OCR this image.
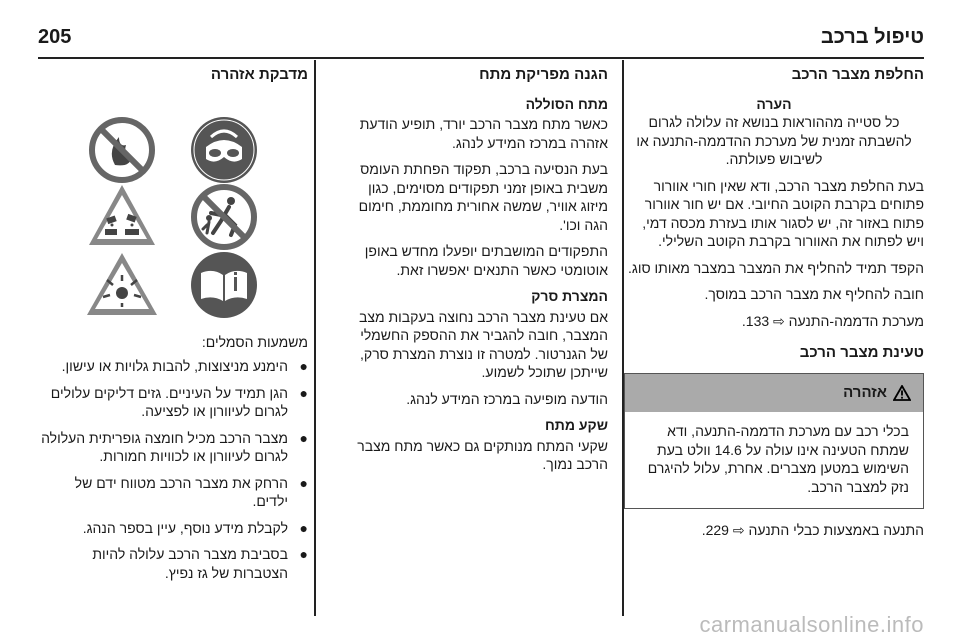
205	טיפול ברכב
החלפת מצבר הרכב
הערה
כל סטייה מההוראות בנושא זה עלולה לגרום להשבתה זמנית של מערכת ההדממה-התנעה או לשיבוש פעולתה.

בעת החלפת מצבר הרכב, ודא שאין חורי אוורור פתוחים בקרבת הקוטב החיובי. אם יש חור אוורור פתוח באזור זה, יש לסגור אותו בעזרת מכסה דמי, ויש לפתוח את האוורור בקרבת הקוטב השלילי.

הקפד תמיד להחליף את המצבר במצבר מאותו סוג.

חובה להחליף את מצבר הרכב במוסך.

מערכת הדממה-התנעה ⇨ 133.

טעינת מצבר הרכב
אזהרה
בכלי רכב עם מערכת הדממה-התנעה, ודא שמתח הטעינה אינו עולה על 14.6 וולט בעת השימוש במטען מצברים. אחרת, עלול להיגרם נזק למצבר הרכב.

התנעה באמצעות כבלי התנעה ⇨ 229.

הגנה מפריקת מתח
מתח הסוללה

כאשר מתח מצבר הרכב יורד, תופיע הודעת אזהרה במרכז המידע לנהג.

בעת הנסיעה ברכב, תפקוד הפחתת העומס משבית באופן זמני תפקודים מסוימים, כגון מיזוג אוויר, שמשה אחורית מחוממת, חימום הגה וכו'.

התפקודים המושבתים יופעלו מחדש באופן אוטומטי כאשר התנאים יאפשרו זאת.

המצרת סרק

אם טעינת מצבר הרכב נחוצה בעקבות מצב המצבר, חובה להגביר את ההספק החשמלי של הגנרטור. למטרה זו נוצרת המצרת סרק, שייתכן שתוכל לשמוע.

הודעה מופיעה במרכז המידע לנהג.

שקע מתח

שקעי המתח מנותקים גם כאשר מתח מצבר הרכב נמוך.

מדבקת אזהרה

משמעות הסמלים:

●
הימנע מניצוצות, להבות גלויות או עישון.
●
הגן תמיד על העיניים. גזים דליקים עלולים לגרום לעיוורון או לפציעה.
●
מצבר הרכב מכיל חומצה גופריתית העלולה לגרום לעיוורון או לכוויות חמורות.
●
הרחק את מצבר הרכב מטווח ידם של ילדים.
●
לקבלת מידע נוסף, עיין בספר הנהג.
●
בסביבת מצבר הרכב עלולה להיות הצטברות של גז נפיץ.
carmanualsonline.info
